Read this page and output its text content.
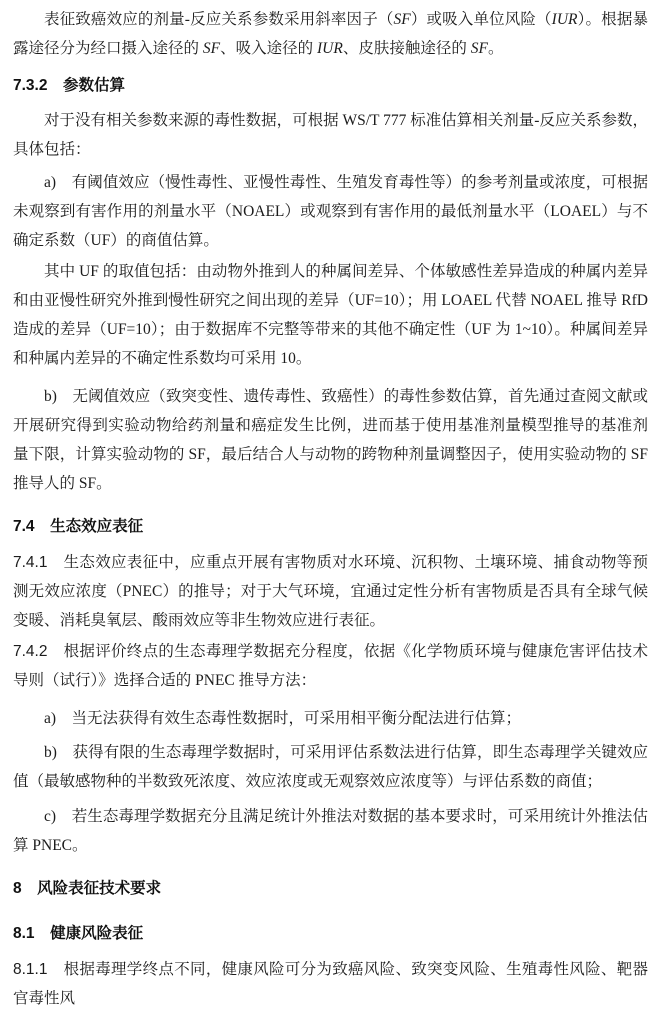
表征致癌效应的剂量-反应关系参数采用斜率因子（SF）或吸入单位风险（IUR）。根据暴露途径分为经口摄入途径的 SF、吸入途径的 IUR、皮肤接触途径的 SF。

7.3.2　参数估算

对于没有相关参数来源的毒性数据，可根据 WS/T 777 标准估算相关剂量-反应关系参数，具体包括：

a)　有阈值效应（慢性毒性、亚慢性毒性、生殖发育毒性等）的参考剂量或浓度，可根据未观察到有害作用的剂量水平（NOAEL）或观察到有害作用的最低剂量水平（LOAEL）与不确定系数（UF）的商值估算。

其中 UF 的取值包括：由动物外推到人的种属间差异、个体敏感性差异造成的种属内差异和由亚慢性研究外推到慢性研究之间出现的差异（UF=10）；用 LOAEL 代替 NOAEL 推导 RfD 造成的差异（UF=10）；由于数据库不完整等带来的其他不确定性（UF 为 1~10）。种属间差异和种属内差异的不确定性系数均可采用 10。

b)　无阈值效应（致突变性、遗传毒性、致癌性）的毒性参数估算，首先通过查阅文献或开展研究得到实验动物给药剂量和癌症发生比例，进而基于使用基准剂量模型推导的基准剂量下限，计算实验动物的 SF，最后结合人与动物的跨物种剂量调整因子，使用实验动物的 SF 推导人的 SF。

7.4　生态效应表征

7.4.1　生态效应表征中，应重点开展有害物质对水环境、沉积物、土壤环境、捕食动物等预测无效应浓度（PNEC）的推导；对于大气环境，宜通过定性分析有害物质是否具有全球气候变暖、消耗臭氧层、酸雨效应等非生物效应进行表征。

7.4.2　根据评价终点的生态毒理学数据充分程度，依据《化学物质环境与健康危害评估技术导则（试行）》选择合适的 PNEC 推导方法：

a)　当无法获得有效生态毒性数据时，可采用相平衡分配法进行估算；

b)　获得有限的生态毒理学数据时，可采用评估系数法进行估算，即生态毒理学关键效应值（最敏感物种的半数致死浓度、效应浓度或无观察效应浓度等）与评估系数的商值；

c)　若生态毒理学数据充分且满足统计外推法对数据的基本要求时，可采用统计外推法估算 PNEC。

8　风险表征技术要求

8.1　健康风险表征

8.1.1　根据毒理学终点不同，健康风险可分为致癌风险、致突变风险、生殖毒性风险、靶器官毒性风
